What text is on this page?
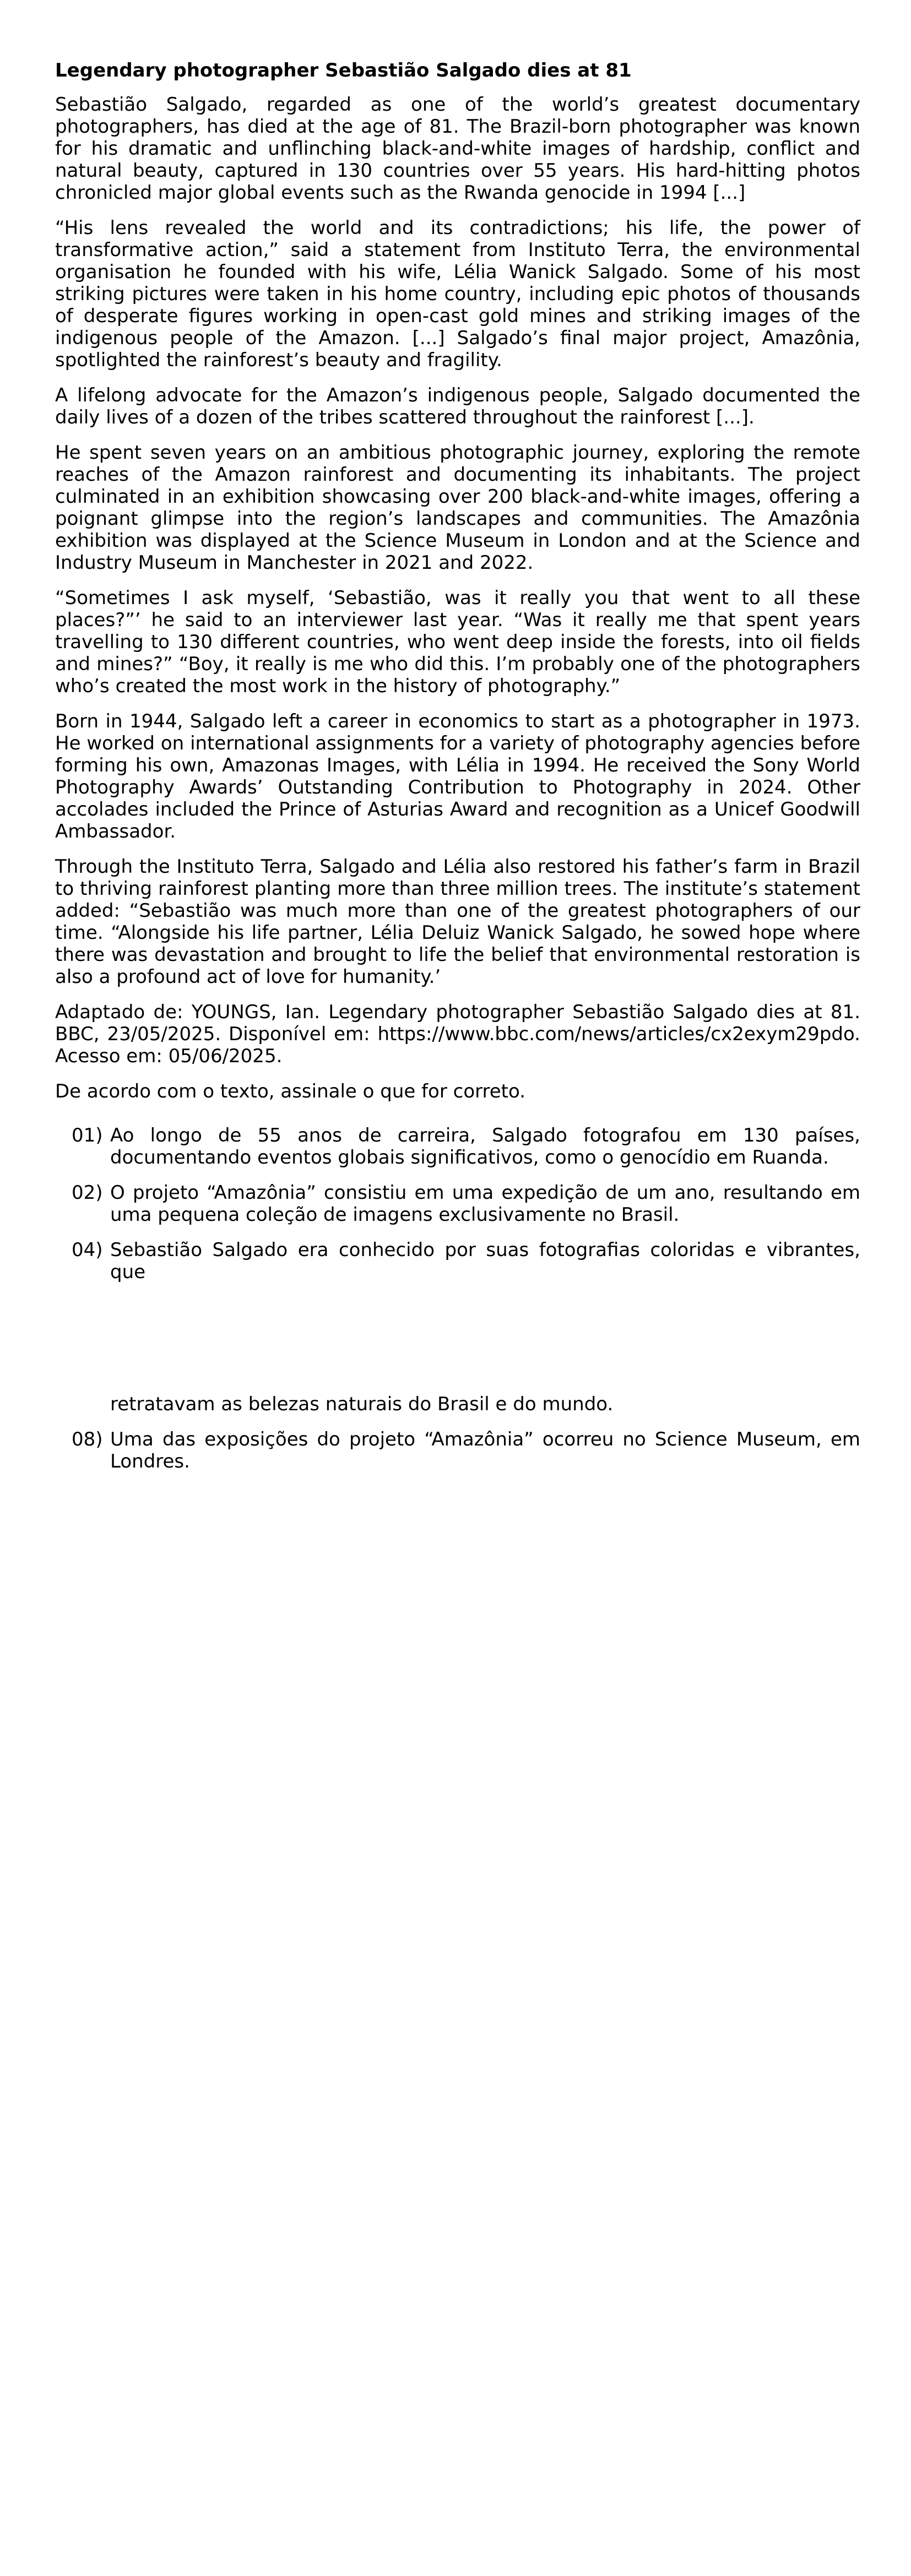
Legendary photographer Sebastião Salgado dies at 81

Sebastião Salgado, regarded as one of the world’s greatest documentary photographers, has died at the age of 81. The Brazil-born photographer was known for his dramatic and unflinching black-and-white images of hardship, conflict and natural beauty, captured in 130 countries over 55 years. His hard-hitting photos chronicled major global events such as the Rwanda genocide in 1994 [...]

“His lens revealed the world and its contradictions; his life, the power of transformative action,” said a statement from Instituto Terra, the environmental organisation he founded with his wife, Lélia Wanick Salgado. Some of his most striking pictures were taken in his home country, including epic photos of thousands of desperate figures working in open-cast gold mines and striking images of the indigenous people of the Amazon. [...] Salgado’s final major project, Amazônia, spotlighted the rainforest’s beauty and fragility.

A lifelong advocate for the Amazon’s indigenous people, Salgado documented the daily lives of a dozen of the tribes scattered throughout the rainforest [...].

He spent seven years on an ambitious photographic journey, exploring the remote reaches of the Amazon rainforest and documenting its inhabitants. The project culminated in an exhibition showcasing over 200 black-and-white images, offering a poignant glimpse into the region’s landscapes and communities. The Amazônia exhibition was displayed at the Science Museum in London and at the Science and Industry Museum in Manchester in 2021 and 2022.

“Sometimes I ask myself, ‘Sebastião, was it really you that went to all these places?”’ he said to an interviewer last year. “Was it really me that spent years travelling to 130 different countries, who went deep inside the forests, into oil fields and mines?” “Boy, it really is me who did this. I’m probably one of the photographers who’s created the most work in the history of photography.”

Born in 1944, Salgado left a career in economics to start as a photographer in 1973. He worked on international assignments for a variety of photography agencies before forming his own, Amazonas Images, with Lélia in 1994. He received the Sony World Photography Awards’ Outstanding Contribution to Photography in 2024. Other accolades included the Prince of Asturias Award and recognition as a Unicef Goodwill Ambassador.

Through the Instituto Terra, Salgado and Lélia also restored his father’s farm in Brazil to thriving rainforest planting more than three million trees. The institute’s statement added: “Sebastião was much more than one of the greatest photographers of our time. “Alongside his life partner, Lélia Deluiz Wanick Salgado, he sowed hope where there was devastation and brought to life the belief that environmental restoration is also a profound act of love for humanity.’

Adaptado de: YOUNGS, Ian. Legendary photographer Sebastião Salgado dies at 81. BBC, 23/05/2025. Disponível em: https://www.bbc.com/news/articles/cx2exym29pdo. Acesso em: 05/06/2025.

De acordo com o texto, assinale o que for correto.

01) Ao longo de 55 anos de carreira, Salgado fotografou em 130 países, documentando eventos globais significativos, como o genocídio em Ruanda.
02) O projeto “Amazônia” consistiu em uma expedição de um ano, resultando em uma pequena coleção de imagens exclusivamente no Brasil.
04) Sebastião Salgado era conhecido por suas fotografias coloridas e vibrantes, que
retratavam as belezas naturais do Brasil e do mundo.
08) Uma das exposições do projeto “Amazônia” ocorreu no Science Museum, em Londres.
